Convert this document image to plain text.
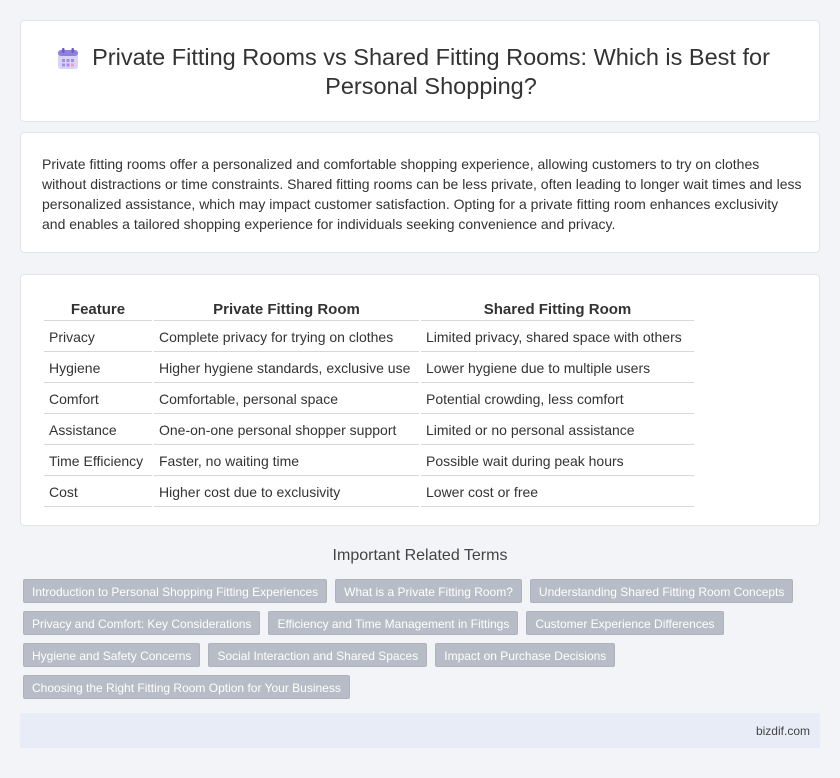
Private Fitting Rooms vs Shared Fitting Rooms: Which is Best for Personal Shopping?

Private fitting rooms offer a personalized and comfortable shopping experience, allowing customers to try on clothes without distractions or time constraints. Shared fitting rooms can be less private, often leading to longer wait times and less personalized assistance, which may impact customer satisfaction. Opting for a private fitting room enhances exclusivity and enables a tailored shopping experience for individuals seeking convenience and privacy.

Feature	Private Fitting Room	Shared Fitting Room
Privacy	Complete privacy for trying on clothes	Limited privacy, shared space with others
Hygiene	Higher hygiene standards, exclusive use	Lower hygiene due to multiple users
Comfort	Comfortable, personal space	Potential crowding, less comfort
Assistance	One-on-one personal shopper support	Limited or no personal assistance
Time Efficiency	Faster, no waiting time	Possible wait during peak hours
Cost	Higher cost due to exclusivity	Lower cost or free
Important Related Terms
Introduction to Personal Shopping Fitting Experiences	What is a Private Fitting Room?	Understanding Shared Fitting Room Concepts
Privacy and Comfort: Key Considerations	Efficiency and Time Management in Fittings	Customer Experience Differences
Hygiene and Safety Concerns	Social Interaction and Shared Spaces	Impact on Purchase Decisions
Choosing the Right Fitting Room Option for Your Business
bizdif.com
